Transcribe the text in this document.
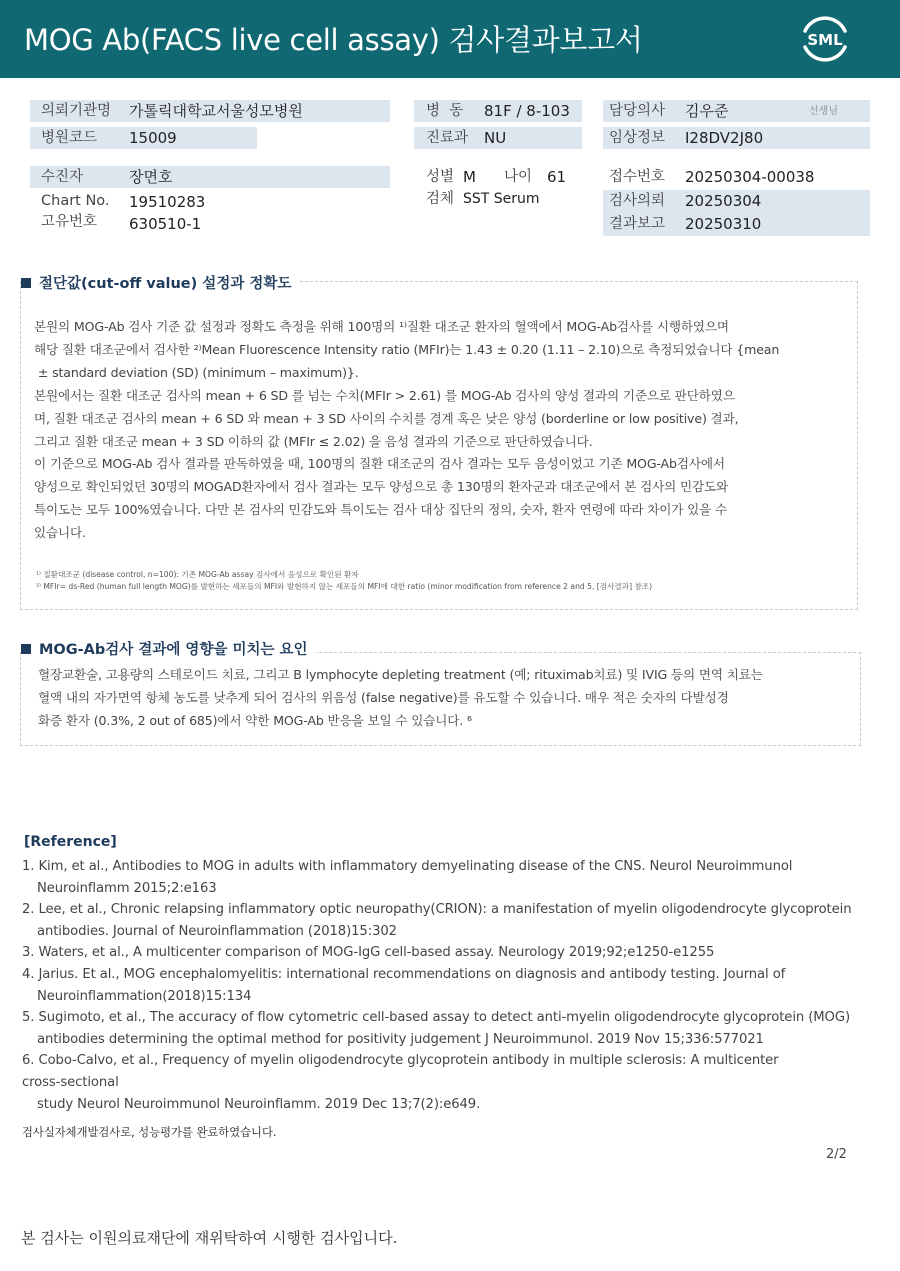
MOG Ab(FACS live cell assay) 검사결과보고서	SML
의뢰기관명 가톨릭대학교서울성모병원
병원코드 15009
병  동 81F / 8-103
진료과 NU
담당의사 김우준	선생님
임상정보 I28DV2J80
수진자	장면호
Chart No. 19510283
고유번호 630510-1
성별 M 나이 61
검체 SST Serum
접수번호 20250304-00038
검사의뢰 20250304
결과보고 20250310
절단값(cut-off value) 설정과 정확도

본원의 MOG-Ab 검사 기준 값 설정과 정확도 측정을 위해 100명의 ¹⁾질환 대조군 환자의 혈액에서 MOG-Ab검사를 시행하였으며

해당 질환 대조군에서 검사한 ²⁾Mean Fluorescence Intensity ratio (MFIr)는 1.43 ± 0.20 (1.11 – 2.10)으로 측정되었습니다 {mean

± standard deviation (SD) (minimum – maximum)}.

본원에서는 질환 대조군 검사의 mean + 6 SD 를 넘는 수치(MFIr > 2.61) 를 MOG-Ab 검사의 양성 결과의 기준으로 판단하였으

며, 질환 대조군 검사의 mean + 6 SD 와 mean + 3 SD 사이의 수치를 경계 혹은 낮은 양성 (borderline or low positive) 결과,

그리고 질환 대조군 mean + 3 SD 이하의 값 (MFIr ≤ 2.02) 을 음성 결과의 기준으로 판단하였습니다.

이 기준으로 MOG-Ab 검사 결과를 판독하였을 때, 100명의 질환 대조군의 검사 결과는 모두 음성이었고 기존 MOG-Ab검사에서

양성으로 확인되었던 30명의 MOGAD환자에서 검사 결과는 모두 양성으로 총 130명의 환자군과 대조군에서 본 검사의 민감도와

특이도는 모두 100%였습니다. 다만 본 검사의 민감도와 특이도는 검사 대상 집단의 정의, 숫자, 환자 연령에 따라 차이가 있을 수

있습니다.

¹⁾ 질환대조군 (disease control, n=100): 기존 MOG-Ab assay 검사에서 음성으로 확인된 환자
²⁾ MFIr= ds-Red (human full length MOG)를 발현하는 세포들의 MFI와 발현하지 않는 세포들의 MFI에 대한 ratio (minor modification from reference 2 and 5, [검사결과] 참조)
MOG-Ab검사 결과에 영향을 미치는 요인

혈장교환술, 고용량의 스테로이드 치료, 그리고 B lymphocyte depleting treatment (예; rituximab치료) 및 IVIG 등의 면역 치료는

혈액 내의 자가면역 항체 농도를 낮추게 되어 검사의 위음성 (false negative)를 유도할 수 있습니다. 매우 적은 숫자의 다발성경

화증 환자 (0.3%, 2 out of 685)에서 약한 MOG-Ab 반응을 보일 수 있습니다. ⁶

[Reference]

1. Kim, et al., Antibodies to MOG in adults with inflammatory demyelinating disease of the CNS. Neurol Neuroimmunol

Neuroinflamm 2015;2:e163

2. Lee, et al., Chronic relapsing inflammatory optic neuropathy(CRION): a manifestation of myelin oligodendrocyte glycoprotein

antibodies. Journal of Neuroinflammation (2018)15:302

3. Waters, et al., A multicenter comparison of MOG-IgG cell-based assay. Neurology 2019;92;e1250-e1255

4. Jarius. Et al., MOG encephalomyelitis: international recommendations on diagnosis and antibody testing. Journal of

Neuroinflammation(2018)15:134

5. Sugimoto, et al., The accuracy of flow cytometric cell-based assay to detect anti-myelin oligodendrocyte glycoprotein (MOG)

antibodies determining the optimal method for positivity judgement J Neuroimmunol. 2019 Nov 15;336:577021

6. Cobo-Calvo, et al., Frequency of myelin oligodendrocyte glycoprotein antibody in multiple sclerosis: A multicenter

cross-sectional

study Neurol Neuroimmunol Neuroinflamm. 2019 Dec 13;7(2):e649.

검사실자체개발검사로, 성능평가를 완료하였습니다.
2/2
본 검사는 이원의료재단에 재위탁하여 시행한 검사입니다.
